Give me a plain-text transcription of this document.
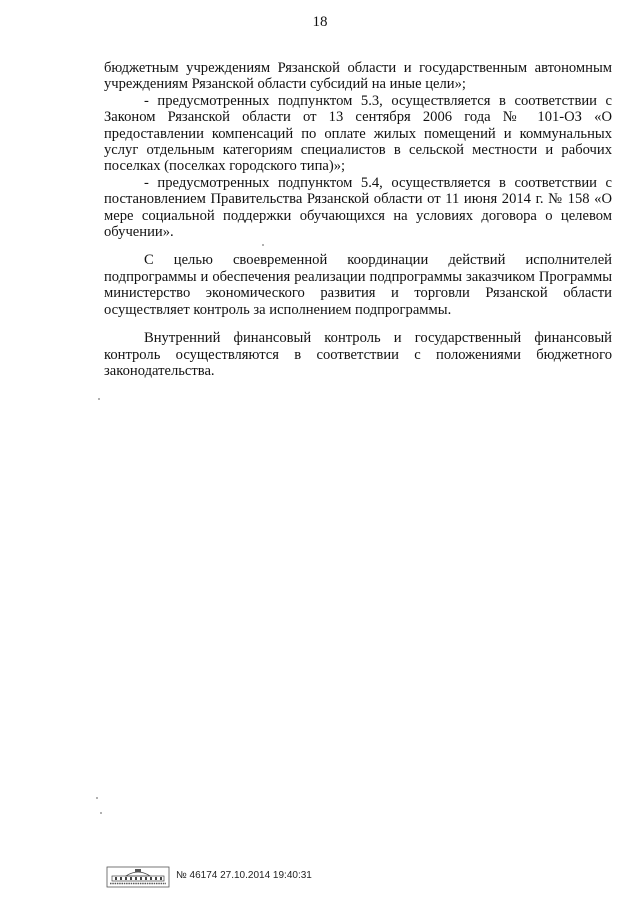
18

бюджетным учреждениям Рязанской области и государственным автономным учреждениям Рязанской области субсидий на иные цели»;

- предусмотренных подпунктом 5.3, осуществляется в соответствии с Законом Рязанской области от 13 сентября 2006 года № 101-ОЗ «О предоставлении компенсаций по оплате жилых помещений и коммунальных услуг отдельным категориям специалистов в сельской местности и рабочих поселках (поселках городского типа)»;

- предусмотренных подпунктом 5.4, осуществляется в соответствии с постановлением Правительства Рязанской области от 11 июня 2014 г. № 158 «О мере социальной поддержки обучающихся на условиях договора о целевом обучении».

С целью своевременной координации действий исполнителей подпрограммы и обеспечения реализации подпрограммы заказчиком Программы министерство экономического развития и торговли Рязанской области осуществляет контроль за исполнением подпрограммы.

Внутренний финансовый контроль и государственный финансовый контроль осуществляются в соответствии с положениями бюджетного законодательства.

№ 46174 27.10.2014 19:40:31
